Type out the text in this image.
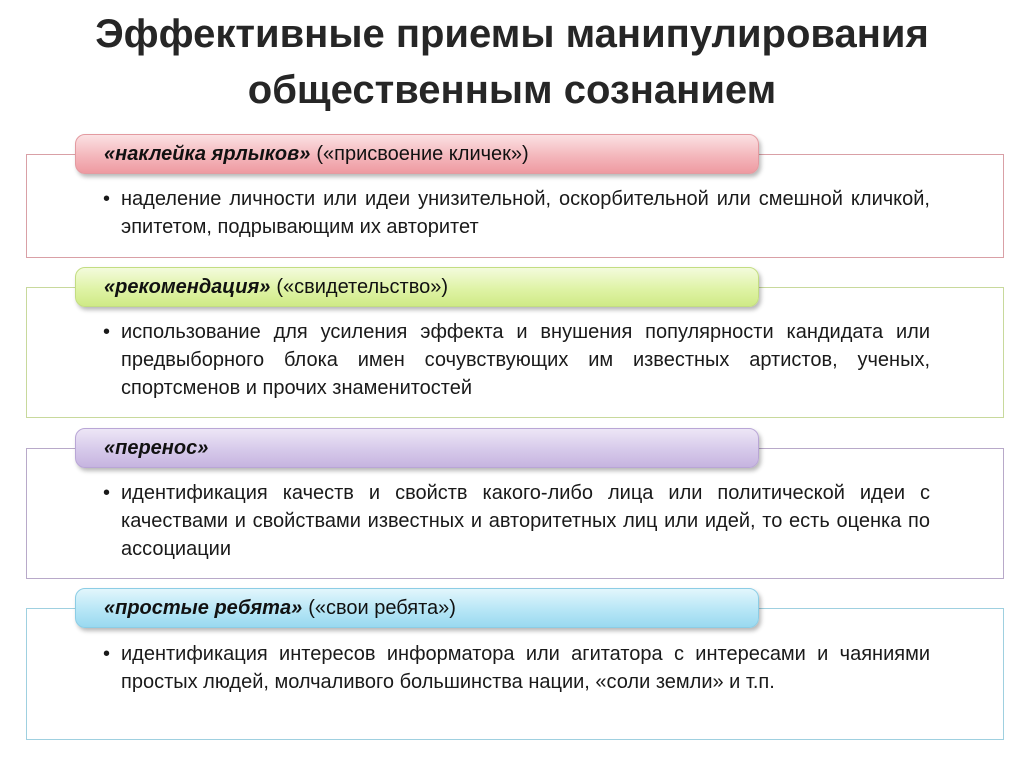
Эффективные приемы манипулирования
общественным сознанием
«наклейка ярлыков» («присвоение кличек»)
• наделение личности или идеи унизительной, оскорбительной или смешной кличкой, эпитетом, подрывающим их авторитет
«рекомендация» («свидетельство»)
• использование для усиления эффекта и внушения популярности кандидата или предвыборного блока имен сочувствующих им известных артистов, ученых, спортсменов и прочих знаменитостей
«перенос»
• идентификация качеств и свойств какого-либо лица или политической идеи с качествами и свойствами известных и авторитетных лиц или идей, то есть оценка по ассоциации
«простые ребята» («свои ребята»)
• идентификация интересов информатора или агитатора с интересами и чаяниями простых людей, молчаливого большинства нации, «соли земли» и т.п.
